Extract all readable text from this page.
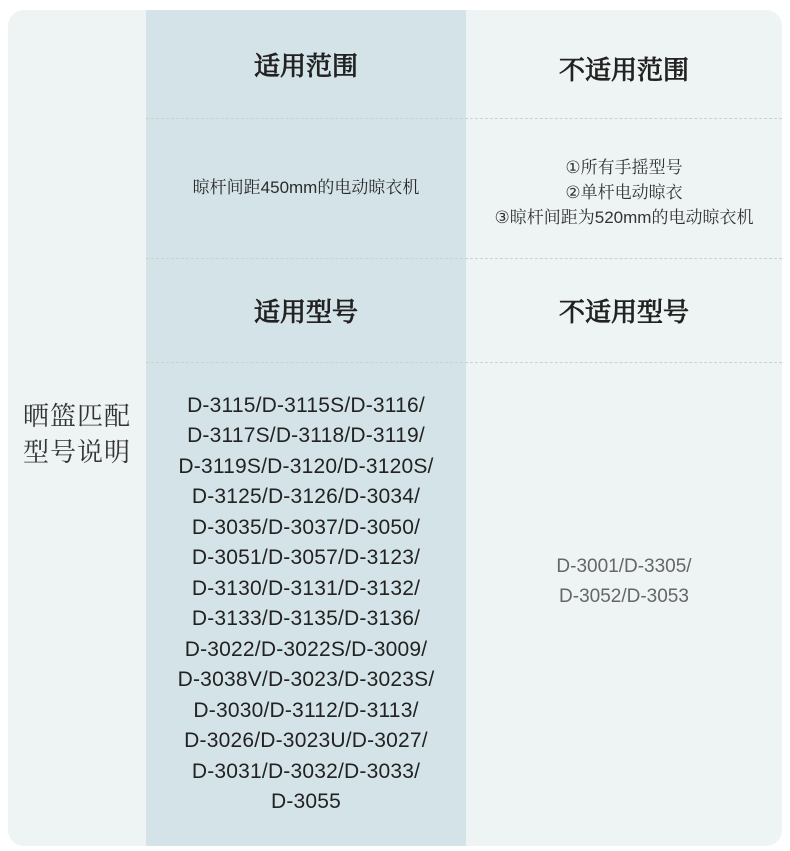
晒篮匹配
型号说明
适用范围
晾杆间距450mm的电动晾衣机
适用型号
D-3115/D-3115S/D-3116/
D-3117S/D-3118/D-3119/
D-3119S/D-3120/D-3120S/
D-3125/D-3126/D-3034/
D-3035/D-3037/D-3050/
D-3051/D-3057/D-3123/
D-3130/D-3131/D-3132/
D-3133/D-3135/D-3136/
D-3022/D-3022S/D-3009/
D-3038V/D-3023/D-3023S/
D-3030/D-3112/D-3113/
D-3026/D-3023U/D-3027/
D-3031/D-3032/D-3033/
D-3055
不适用范围
①所有手摇型号
②单杆电动晾衣
③晾杆间距为520mm的电动晾衣机
不适用型号
D-3001/D-3305/
D-3052/D-3053
